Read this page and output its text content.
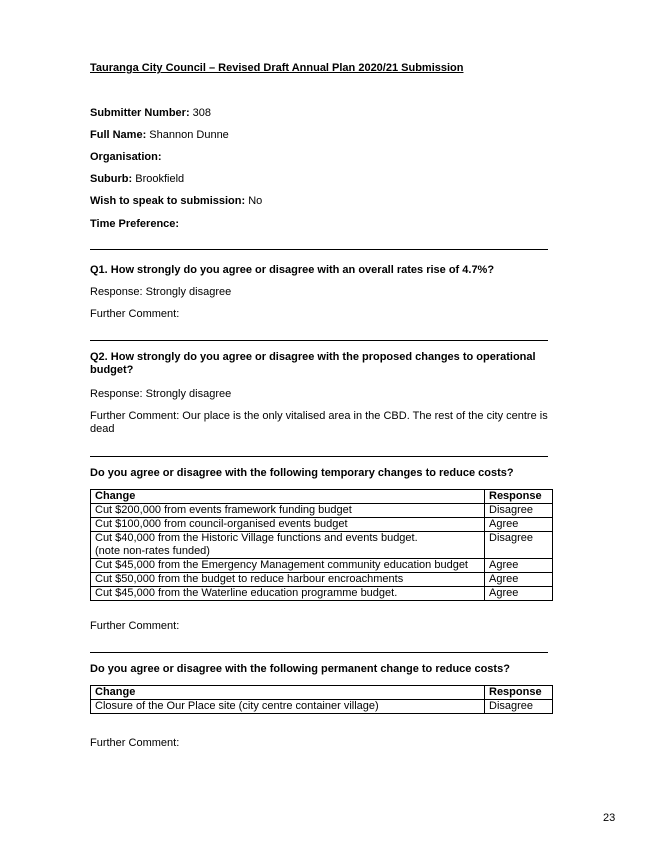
Tauranga City Council – Revised Draft Annual Plan 2020/21 Submission
Submitter Number: 308
Full Name: Shannon Dunne
Organisation:
Suburb: Brookfield
Wish to speak to submission: No
Time Preference:
Q1. How strongly do you agree or disagree with an overall rates rise of 4.7%?
Response: Strongly disagree
Further Comment:
Q2. How strongly do you agree or disagree with the proposed changes to operational budget?
Response: Strongly disagree
Further Comment: Our place is the only vitalised area in the CBD. The rest of the city centre is dead
Do you agree or disagree with the following temporary changes to reduce costs?
Change	Response
Cut $200,000 from events framework funding budget	Disagree
Cut $100,000 from council-organised events budget	Agree

Cut $40,000 from the Historic Village functions and events budget.
(note non-rates funded)	Disagree
Cut $45,000 from the Emergency Management community education budget	Agree
Cut $50,000 from the budget to reduce harbour encroachments	Agree
Cut $45,000 from the Waterline education programme budget.	Agree
Further Comment:
Do you agree or disagree with the following permanent change to reduce costs?
Change	Response
Closure of the Our Place site (city centre container village)	Disagree
Further Comment:
23
